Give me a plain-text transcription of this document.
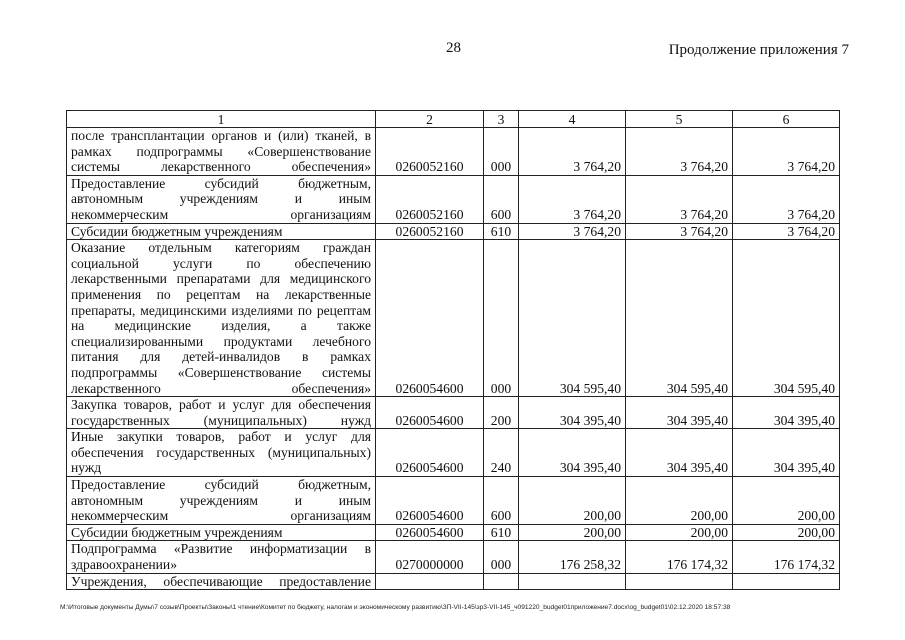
28	Продолжение приложения 7
1	2	3	4	5	6
после трансплантации органов и (или) тканей, в рамках подпрограммы «Совершенствование системы лекарственного обеспечения»	0260052160	000	3 764,20	3 764,20	3 764,20
Предоставление субсидий бюджетным, автономным учреждениям и иным некоммерческим организациям	0260052160	600	3 764,20	3 764,20	3 764,20
Субсидии бюджетным учреждениям	0260052160	610	3 764,20	3 764,20	3 764,20
Оказание отдельным категориям граждан социальной услуги по обеспечению лекарственными препаратами для медицинского применения по рецептам на лекарственные препараты, медицинскими изделиями по рецептам на медицинские изделия, а также специализированными продуктами лечебного питания для детей-инвалидов в рамках подпрограммы «Совершенствование системы лекарственного обеспечения»	0260054600	000	304 595,40	304 595,40	304 595,40
Закупка товаров, работ и услуг для обеспечения государственных (муниципальных) нужд	0260054600	200	304 395,40	304 395,40	304 395,40
Иные закупки товаров, работ и услуг для обеспечения государственных (муниципальных) нужд	0260054600	240	304 395,40	304 395,40	304 395,40
Предоставление субсидий бюджетным, автономным учреждениям и иным некоммерческим организациям	0260054600	600	200,00	200,00	200,00
Субсидии бюджетным учреждениям	0260054600	610	200,00	200,00	200,00
Подпрограмма «Развитие информатизации в здравоохранении»	0270000000	000	176 258,32	176 174,32	176 174,32
Учреждения, обеспечивающие предоставление					
M:\Итоговые документы Думы\7 созыв\Проекты\Законы\1 чтение\Комитет по бюджету, налогам и экономическому развитию\ЗП-VII-145\зр3-VII-145_ч091220_budget01приложение7.docx\og_budget01\02.12.2020 18:57:38
